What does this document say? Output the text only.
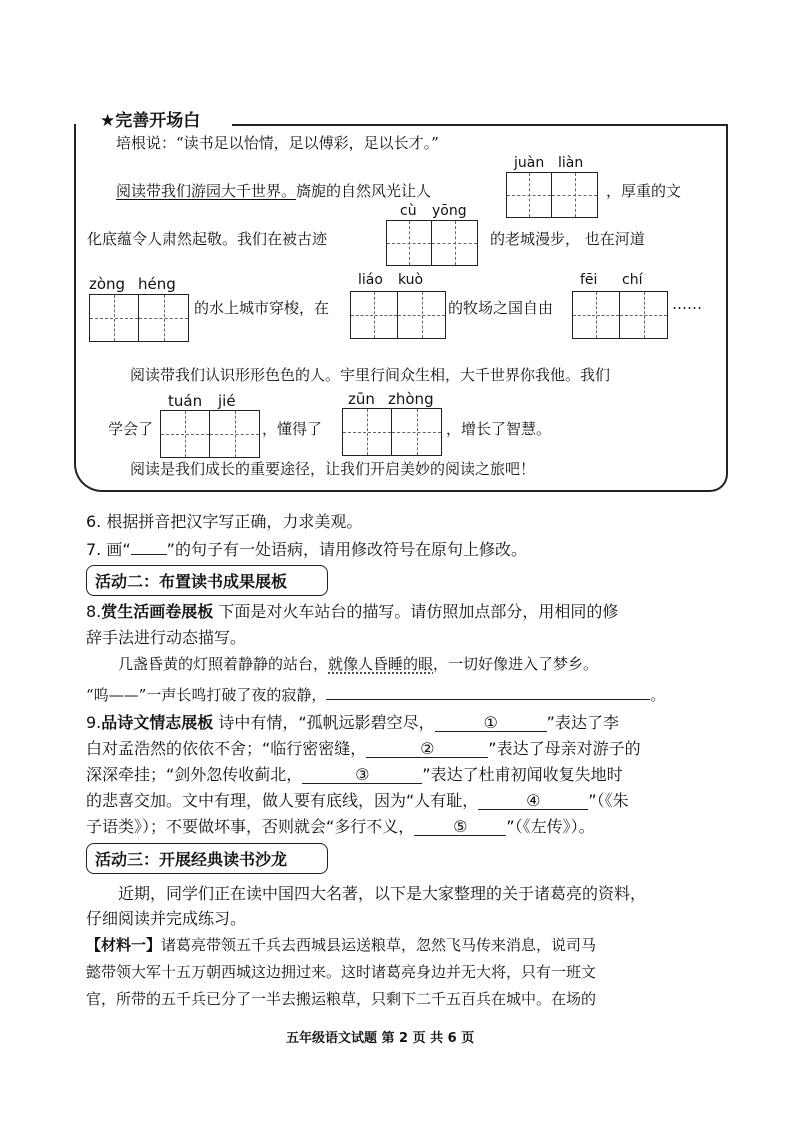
★完善开场白
培根说：“读书足以怡情，足以傅彩，足以长才。”
juàn liàn
阅读带我们游园大千世界。旖旎的自然风光让人	，厚重的文
cù yōng
化底蕴令人肃然起敬。我们在被古迹	的老城漫步， 也在河道
zòng héng
的水上城市穿梭，在
liáo kuò
的牧场之国自由
fēi chí
……
阅读带我们认识形形色色的人。宇里行间众生相，大千世界你我他。我们
tuán jié
学会了	，懂得了
zūn zhòng
，增长了智慧。
阅读是我们成长的重要途径，让我们开启美妙的阅读之旅吧！
6. 根据拼音把汉字写正确，力求美观。
7. 画“ ”的句子有一处语病，请用修改符号在原句上修改。
活动二：布置读书成果展板
8.赏生活画卷展板 下面是对火车站台的描写。请仿照加点部分，用相同的修
辞手法进行动态描写。
几盏昏黄的灯照着静静的站台，就像人昏睡的眼，一切好像进入了梦乡。
“呜——”一声长鸣打破了夜的寂静，	。
9.品诗文情志展板 诗中有情，“孤帆远影碧空尽，	①	”表达了李
白对孟浩然的依依不舍；“临行密密缝，	②	”表达了母亲对游子的
深深牵挂；“剑外忽传收蓟北，	③	”表达了杜甫初闻收复失地时
的悲喜交加。文中有理，做人要有底线，因为“人有耻，	④	”（《朱
子语类》）；不要做坏事，否则就会“多行不义， ⑤ ”（《左传》）。
活动三：开展经典读书沙龙
近期，同学们正在读中国四大名著，以下是大家整理的关于诸葛亮的资料，
仔细阅读并完成练习。
【材料一】诸葛亮带领五千兵去西城县运送粮草，忽然飞马传来消息，说司马
懿带领大军十五万朝西城这边拥过来。这时诸葛亮身边并无大将，只有一班文
官，所带的五千兵已分了一半去搬运粮草，只剩下二千五百兵在城中。在场的
五年级语文试题 第 2 页 共 6 页
